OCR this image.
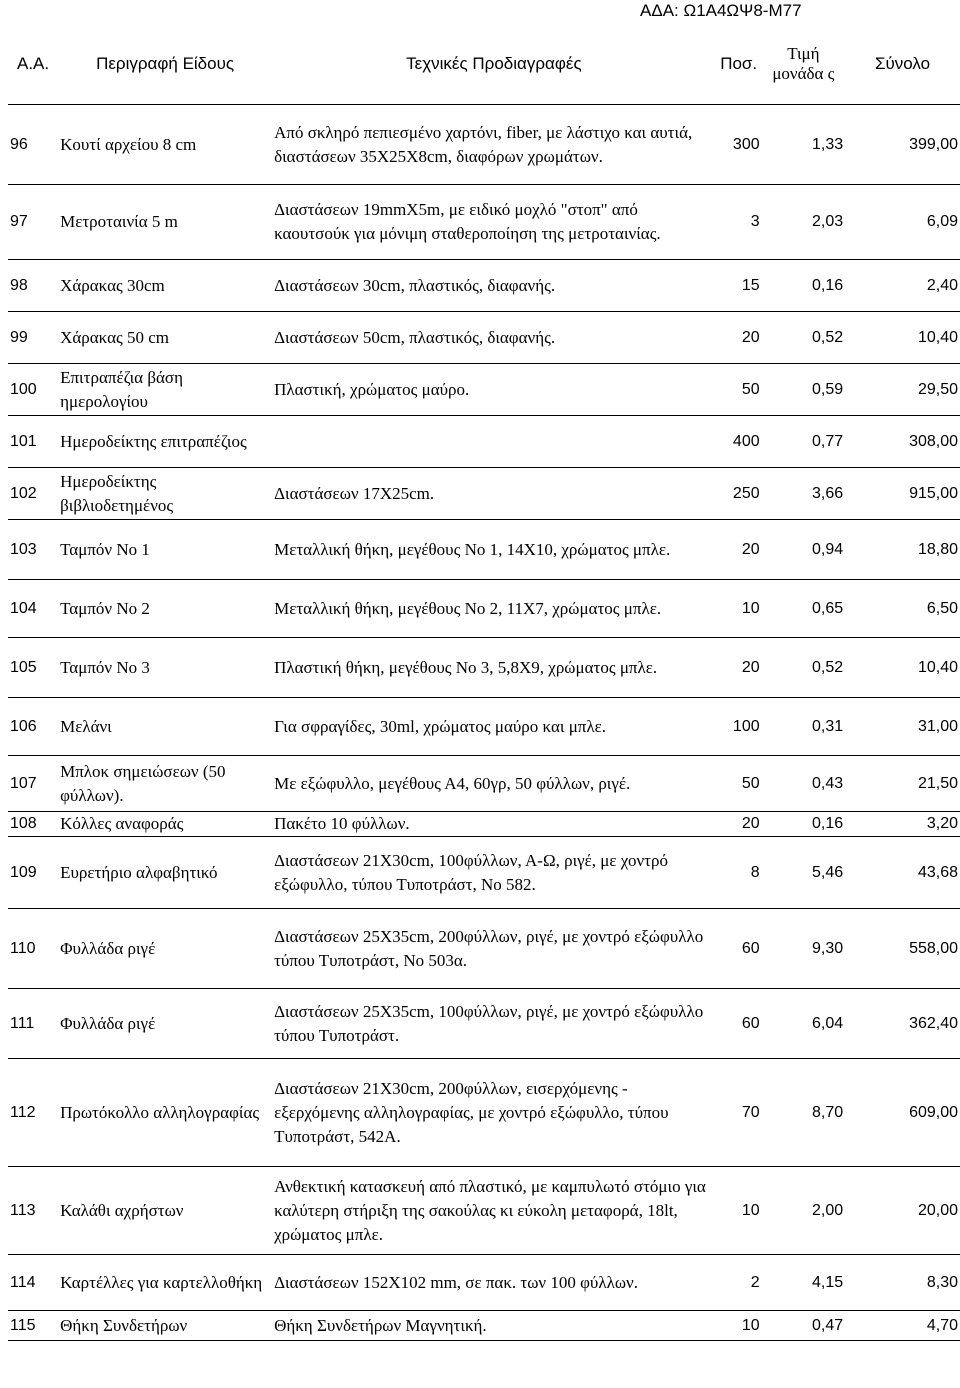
ΑΔΑ: Ω1Α4ΩΨ8-Μ77
Α.Α.	Περιγραφή Είδους	Τεχνικές Προδιαγραφές	Ποσ.	Τιμή μονάδα ς	Σύνολο
96	Κουτί αρχείου 8 cm	Από σκληρό πεπιεσμένο χαρτόνι, fiber, με λάστιχο και αυτιά, διαστάσεων 35Χ25Χ8cm, διαφόρων χρωμάτων.	300	1,33	399,00
97	Μετροταινία 5 m	Διαστάσεων 19mmX5m, με ειδικό μοχλό "στοπ" από καουτσούκ για μόνιμη σταθεροποίηση της μετροταινίας.	3	2,03	6,09
98	Χάρακας 30cm	Διαστάσεων 30cm, πλαστικός, διαφανής.	15	0,16	2,40
99	Χάρακας 50 cm	Διαστάσεων 50cm, πλαστικός, διαφανής.	20	0,52	10,40
100	Επιτραπέζια βάση ημερολογίου	Πλαστική, χρώματος μαύρο.	50	0,59	29,50
101	Ημεροδείκτης επιτραπέζιος		400	0,77	308,00
102	Ημεροδείκτης βιβλιοδετημένος	Διαστάσεων 17Χ25cm.	250	3,66	915,00
103	Ταμπόν Νο 1	Μεταλλική θήκη, μεγέθους Νο 1, 14Χ10, χρώματος μπλε.	20	0,94	18,80
104	Ταμπόν Νο 2	Μεταλλική θήκη, μεγέθους Νο 2, 11Χ7, χρώματος μπλε.	10	0,65	6,50
105	Ταμπόν Νο 3	Πλαστική θήκη, μεγέθους Νο 3, 5,8Χ9, χρώματος μπλε.	20	0,52	10,40
106	Μελάνι	Για σφραγίδες, 30ml, χρώματος μαύρο και μπλε.	100	0,31	31,00
107	Μπλοκ σημειώσεων (50 φύλλων).	Με εξώφυλλο, μεγέθους Α4, 60γρ, 50 φύλλων, ριγέ.	50	0,43	21,50
108	Κόλλες αναφοράς	Πακέτο 10 φύλλων.	20	0,16	3,20
109	Ευρετήριο αλφαβητικό	Διαστάσεων 21Χ30cm, 100φύλλων, Α-Ω, ριγέ, με χοντρό εξώφυλλο, τύπου Τυποτράστ, Νο 582.	8	5,46	43,68
110	Φυλλάδα ριγέ	Διαστάσεων 25Χ35cm, 200φύλλων, ριγέ, με χοντρό εξώφυλλο τύπου Τυποτράστ, Νο 503α.	60	9,30	558,00
111	Φυλλάδα ριγέ	Διαστάσεων 25Χ35cm, 100φύλλων, ριγέ, με χοντρό εξώφυλλο τύπου Τυποτράστ.	60	6,04	362,40
112	Πρωτόκολλο αλληλογραφίας	Διαστάσεων 21Χ30cm, 200φύλλων, εισερχόμενης - εξερχόμενης αλληλογραφίας, με χοντρό εξώφυλλο, τύπου Τυποτράστ, 542Α.	70	8,70	609,00
113	Καλάθι αχρήστων	Ανθεκτική κατασκευή από πλαστικό, με καμπυλωτό στόμιο για καλύτερη στήριξη της σακούλας κι εύκολη μεταφορά, 18lt, χρώματος μπλε.	10	2,00	20,00
114	Καρτέλλες για καρτελλοθήκη	Διαστάσεων 152Χ102 mm, σε πακ. των 100 φύλλων.	2	4,15	8,30
115	Θήκη Συνδετήρων	Θήκη Συνδετήρων Μαγνητική.	10	0,47	4,70
